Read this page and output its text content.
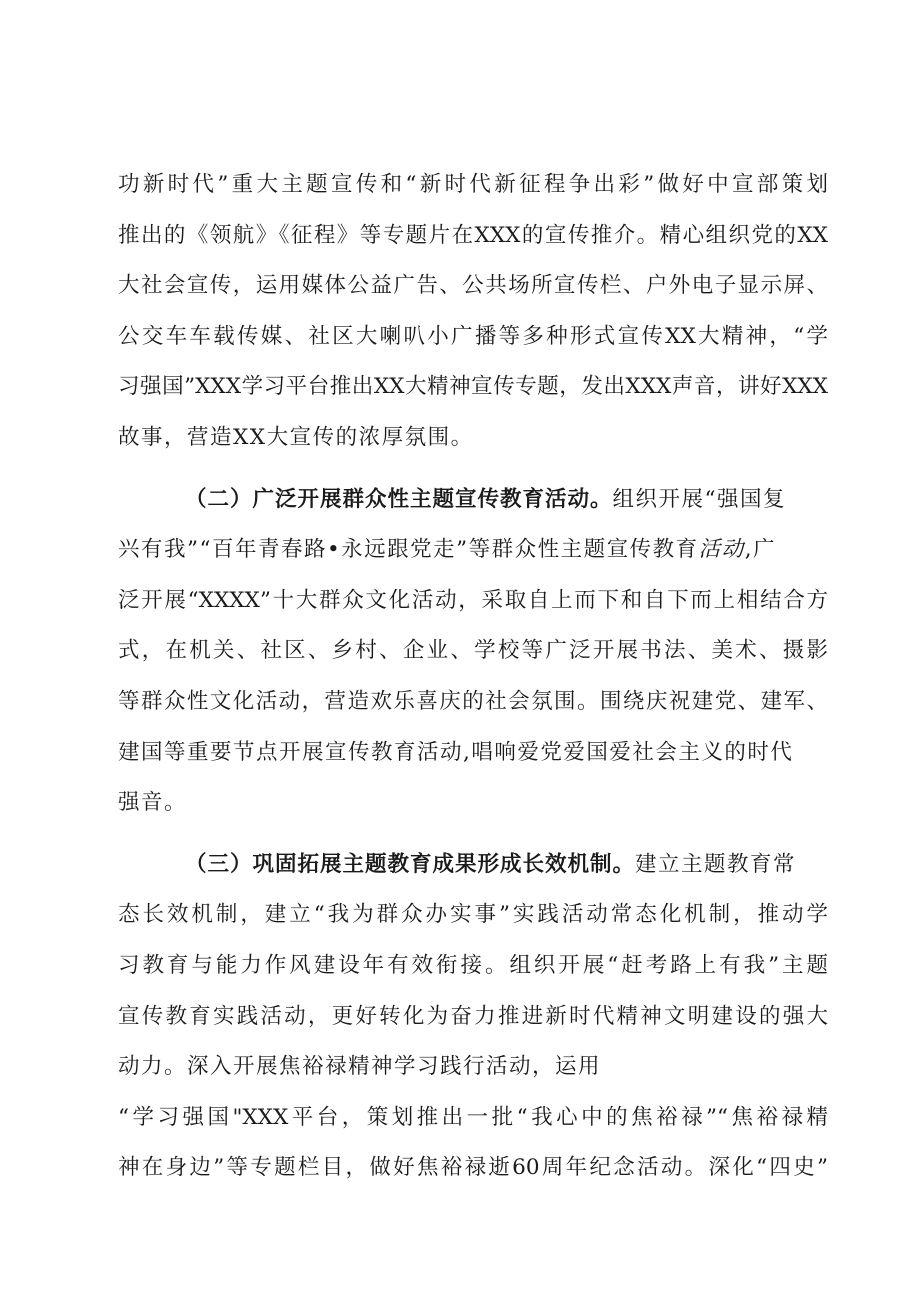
功新时代”重大主题宣传和“新时代新征程争出彩”做好中宣部策划
推出的《领航》《征程》等专题片在XXX的宣传推介。精心组织党的XX
大社会宣传，运用媒体公益广告、公共场所宣传栏、户外电子显示屏、
公交车车载传媒、社区大喇叭小广播等多种形式宣传XX大精神，“学
习强国”XXX学习平台推出XX大精神宣传专题，发出XXX声音，讲好XXX
故事，营造XX大宣传的浓厚氛围。
（二）广泛开展群众性主题宣传教育活动。组织开展“强国复
兴有我”“百年青春路•永远跟党走”等群众性主题宣传教育活动,广
泛开展“XXXX”十大群众文化活动，采取自上而下和自下而上相结合方
式，在机关、社区、乡村、企业、学校等广泛开展书法、美术、摄影
等群众性文化活动，营造欢乐喜庆的社会氛围。围绕庆祝建党、建军、
建国等重要节点开展宣传教育活动,唱响爱党爱国爱社会主义的时代
强音。
（三）巩固拓展主题教育成果形成长效机制。建立主题教育常
态长效机制，建立“我为群众办实事”实践活动常态化机制，推动学
习教育与能力作风建设年有效衔接。组织开展“赶考路上有我”主题
宣传教育实践活动，更好转化为奋力推进新时代精神文明建设的强大
动力。深入开展焦裕禄精神学习践行活动，运用
“学习强国"XXX平台，策划推出一批“我心中的焦裕禄”“焦裕禄精
神在身边”等专题栏目，做好焦裕禄逝60周年纪念活动。深化“四史”
